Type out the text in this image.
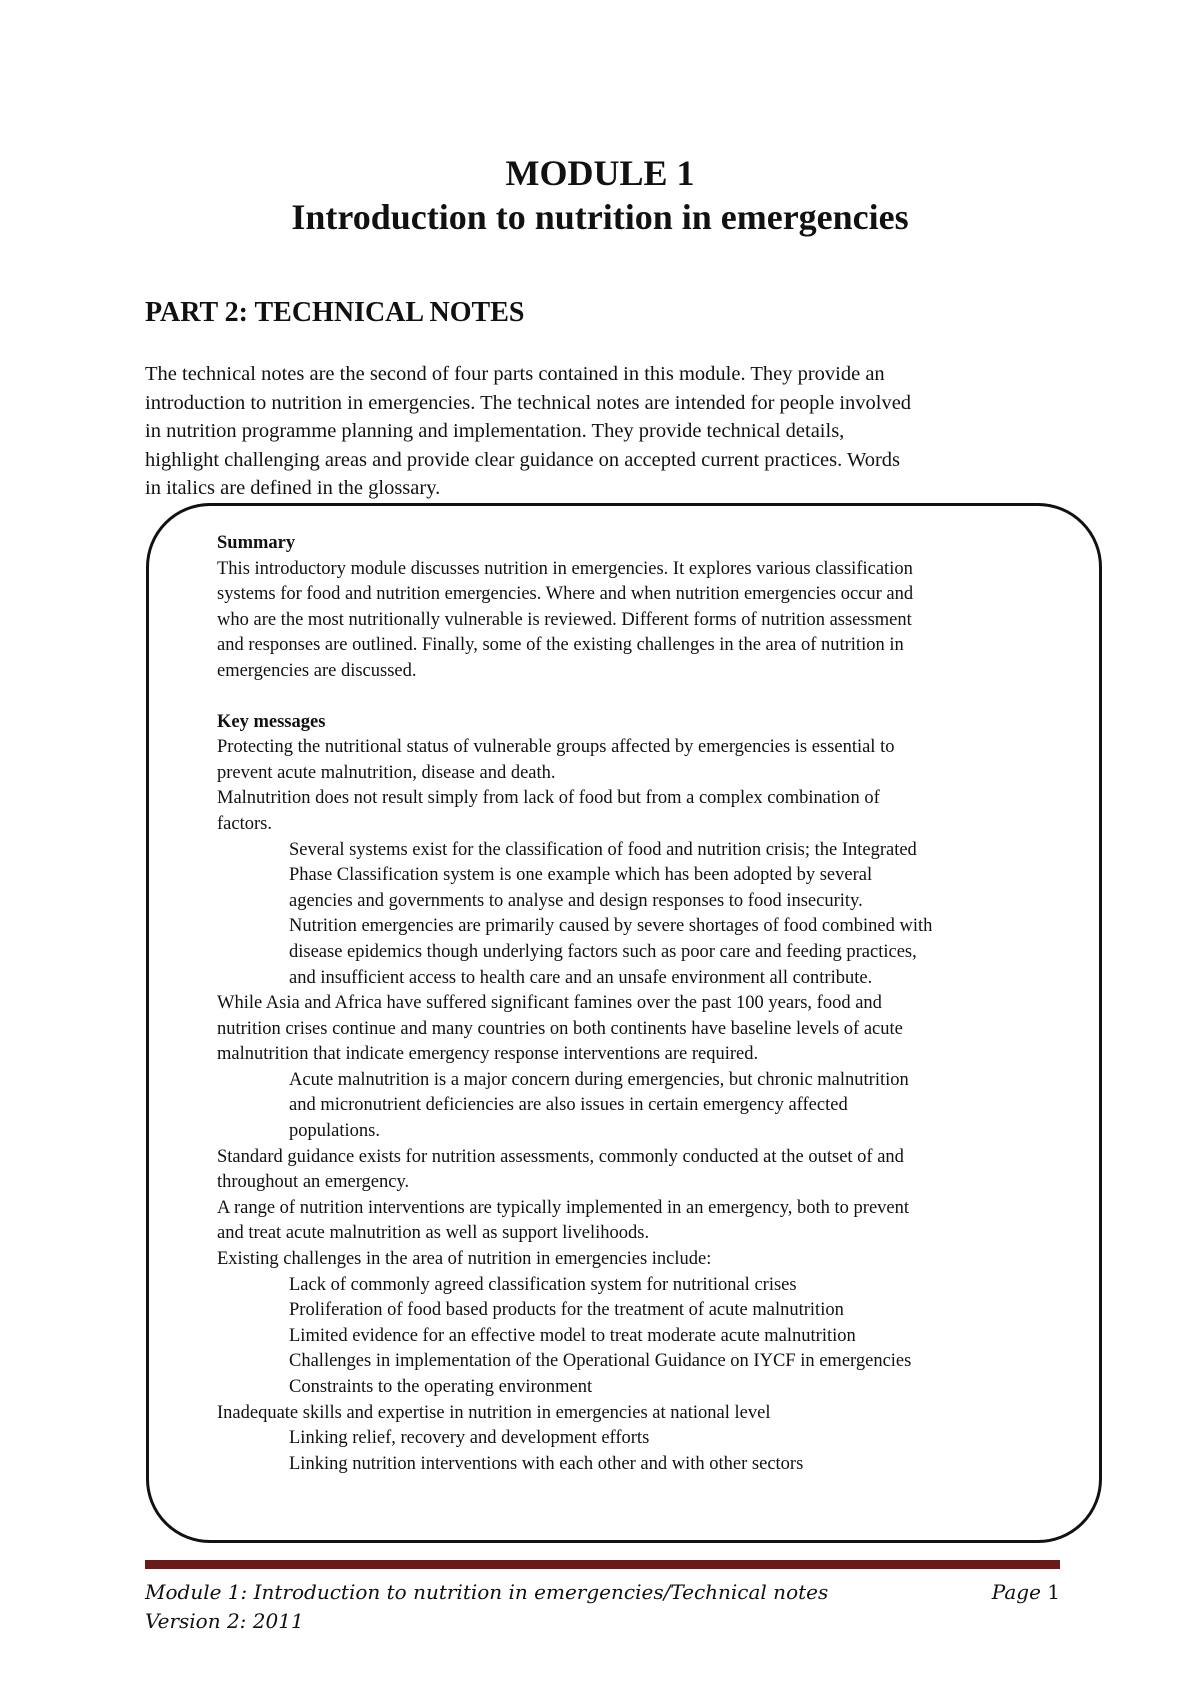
MODULE 1
Introduction to nutrition in emergencies
PART 2: TECHNICAL NOTES
The technical notes are the second of four parts contained in this module. They provide an
introduction to nutrition in emergencies. The technical notes are intended for people involved
in nutrition programme planning and implementation. They provide technical details,
highlight challenging areas and provide clear guidance on accepted current practices. Words
in italics are defined in the glossary.

Summary

This introductory module discusses nutrition in emergencies. It explores various classification

systems for food and nutrition emergencies. Where and when nutrition emergencies occur and

who are the most nutritionally vulnerable is reviewed. Different forms of nutrition assessment

and responses are outlined. Finally, some of the existing challenges in the area of nutrition in

emergencies are discussed.

Key messages

Protecting the nutritional status of vulnerable groups affected by emergencies is essential to

prevent acute malnutrition, disease and death.

Malnutrition does not result simply from lack of food but from a complex combination of

factors.

Several systems exist for the classification of food and nutrition crisis; the Integrated

Phase Classification system is one example which has been adopted by several

agencies and governments to analyse and design responses to food insecurity.

Nutrition emergencies are primarily caused by severe shortages of food combined with

disease epidemics though underlying factors such as poor care and feeding practices,

and insufficient access to health care and an unsafe environment all contribute.

While Asia and Africa have suffered significant famines over the past 100 years, food and

nutrition crises continue and many countries on both continents have baseline levels of acute

malnutrition that indicate emergency response interventions are required.

Acute malnutrition is a major concern during emergencies, but chronic malnutrition

and micronutrient deficiencies are also issues in certain emergency affected

populations.

Standard guidance exists for nutrition assessments, commonly conducted at the outset of and

throughout an emergency.

A range of nutrition interventions are typically implemented in an emergency, both to prevent

and treat acute malnutrition as well as support livelihoods.

Existing challenges in the area of nutrition in emergencies include:

Lack of commonly agreed classification system for nutritional crises

Proliferation of food based products for the treatment of acute malnutrition

Limited evidence for an effective model to treat moderate acute malnutrition

Challenges in implementation of the Operational Guidance on IYCF in emergencies

Constraints to the operating environment

Inadequate skills and expertise in nutrition in emergencies at national level

Linking relief, recovery and development efforts

Linking nutrition interventions with each other and with other sectors

Module 1: Introduction to nutrition in emergencies/Technical notes	Page 1
Version 2: 2011
